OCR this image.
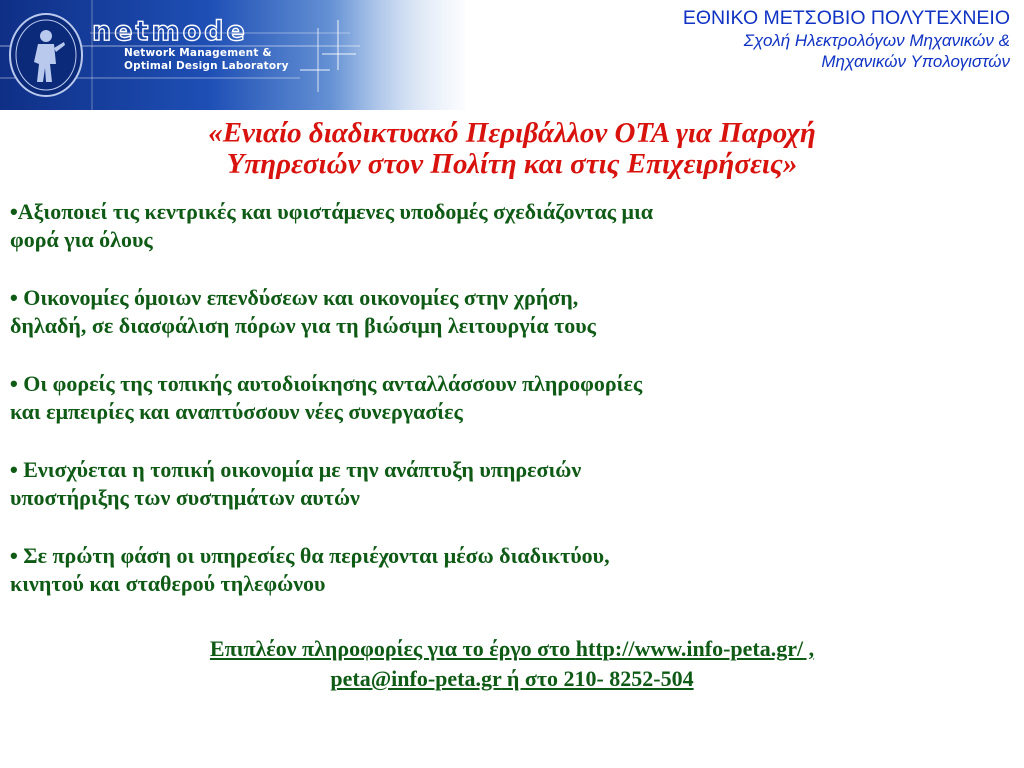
netmode
Network Management &
Optimal Design Laboratory
ΕΘΝΙΚΟ ΜΕΤΣΟΒΙΟ ΠΟΛΥΤΕΧΝΕΙΟ
Σχολή Ηλεκτρολόγων Μηχανικών &
Μηχανικών Υπολογιστών
«Ενιαίο διαδικτυακό Περιβάλλον ΟΤΑ για Παροχή
Υπηρεσιών στον Πολίτη και στις Επιχειρήσεις»
•Αξιοποιεί τις κεντρικές και υφιστάμενες υποδομές σχεδιάζοντας μια
φορά για όλους
• Οικονομίες όμοιων επενδύσεων και οικονομίες στην χρήση,
δηλαδή, σε διασφάλιση πόρων για τη βιώσιμη λειτουργία τους
• Οι φορείς της τοπικής αυτοδιοίκησης ανταλλάσσουν πληροφορίες
και εμπειρίες και αναπτύσσουν νέες συνεργασίες
• Ενισχύεται η τοπική οικονομία με την ανάπτυξη υπηρεσιών
υποστήριξης των συστημάτων αυτών
• Σε πρώτη φάση οι υπηρεσίες θα περιέχονται μέσω διαδικτύου,
κινητού και σταθερού τηλεφώνου
Επιπλέον πληροφορίες για το έργο στο http://www.info-peta.gr/ ,
peta@info-peta.gr ή στο 210- 8252-504
